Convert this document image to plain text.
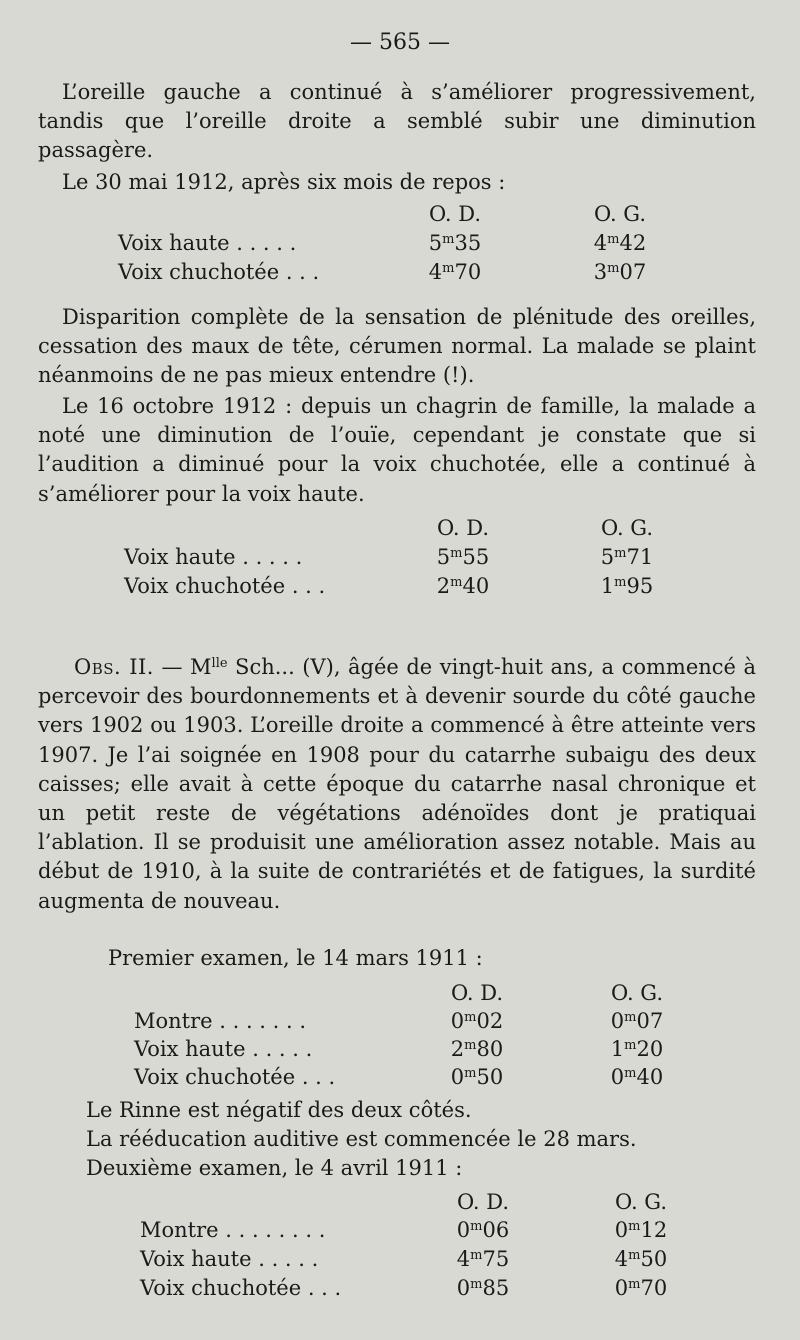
— 565 —
L’oreille gauche a continué à s’améliorer progressivement, tandis que l’oreille droite a semblé subir une diminution passagère.
Le 30 mai 1912, après six mois de repos :
O. D.	O. G.
Voix haute . . . . .	5$^m$35	4$^m$42
Voix chuchotée . . .	4$^m$70	3$^m$07
Disparition complète de la sensation de plénitude des oreilles, cessation des maux de tête, cérumen normal. La malade se plaint néanmoins de ne pas mieux entendre (!).
Le 16 octobre 1912 : depuis un chagrin de famille, la malade a noté une diminution de l’ouïe, cependant je constate que si l’audition a diminué pour la voix chuchotée, elle a continué à s’améliorer pour la voix haute.
O. D.	O. G.
Voix haute . . . . .	5$^m$55	5$^m$71
Voix chuchotée . . .	2$^m$40	1$^m$95
Obs. II. — $M^{lle}$ Sch... (V), âgée de vingt-huit ans, a commencé à percevoir des bourdonnements et à devenir sourde du côté gauche vers 1902 ou 1903. L’oreille droite a commencé à être atteinte vers 1907. Je l’ai soignée en 1908 pour du catarrhe subaigu des deux caisses; elle avait à cette époque du catarrhe nasal chronique et un petit reste de végétations adénoïdes dont je pratiquai l’ablation. Il se produisit une amélioration assez notable. Mais au début de 1910, à la suite de contrariétés et de fatigues, la surdité augmenta de nouveau.
Premier examen, le 14 mars 1911 :
O. D.	O. G.
Montre . . . . . . .	0$^m$02	0$^m$07
Voix haute . . . . .	2$^m$80	1$^m$20
Voix chuchotée . . .	0$^m$50	0$^m$40
Le Rinne est négatif des deux côtés.
La rééducation auditive est commencée le 28 mars.
Deuxième examen, le 4 avril 1911 :
O. D.	O. G.
Montre . . . . . . . .	0$^m$06	0$^m$12
Voix haute . . . . .	4$^m$75	4$^m$50
Voix chuchotée . . .	0$^m$85	0$^m$70
